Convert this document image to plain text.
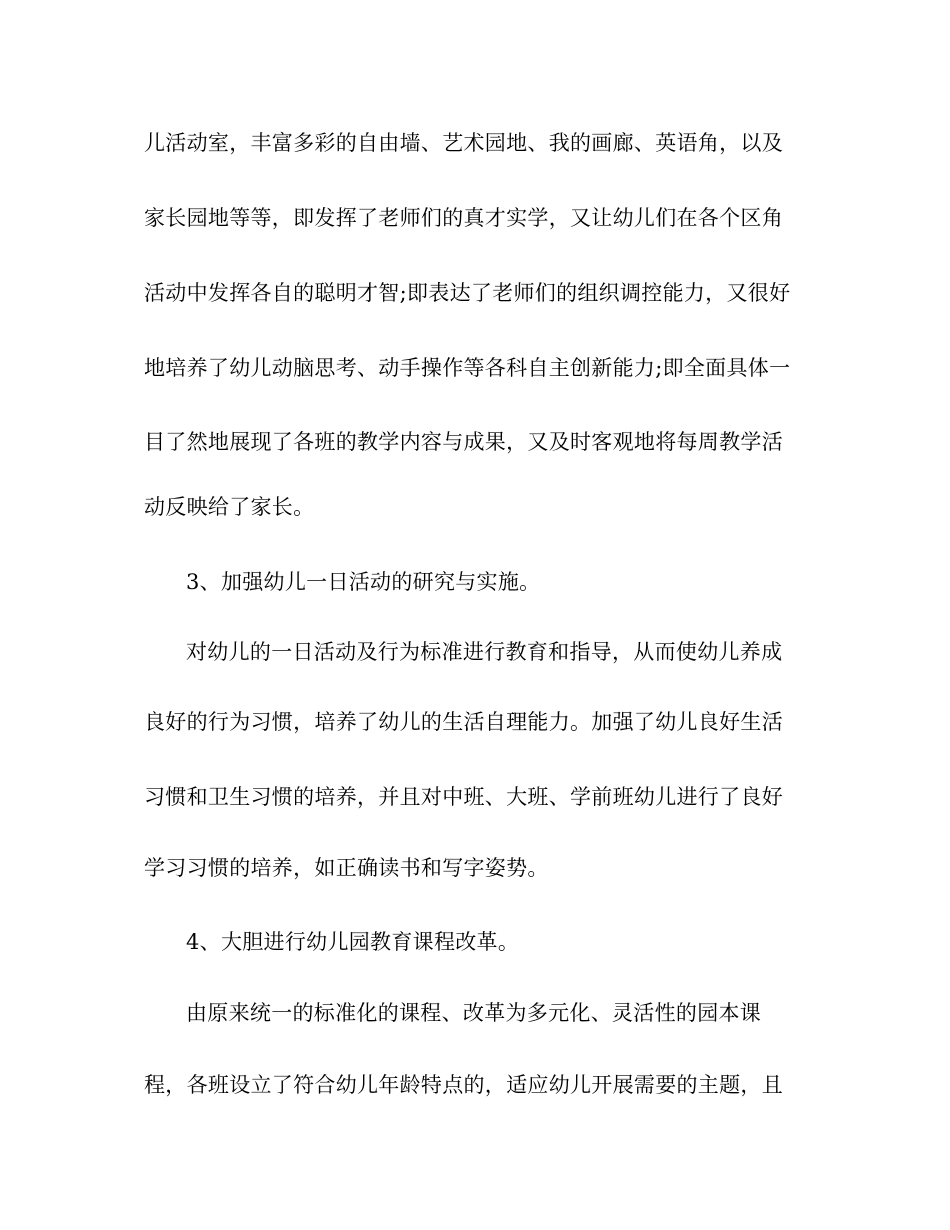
儿活动室，丰富多彩的自由墙、艺术园地、我的画廊、英语角，以及
家长园地等等，即发挥了老师们的真才实学，又让幼儿们在各个区角
活动中发挥各自的聪明才智;即表达了老师们的组织调控能力，又很好
地培养了幼儿动脑思考、动手操作等各科自主创新能力;即全面具体一
目了然地展现了各班的教学内容与成果，又及时客观地将每周教学活
动反映给了家长。
3、加强幼儿一日活动的研究与实施。
对幼儿的一日活动及行为标准进行教育和指导，从而使幼儿养成
良好的行为习惯，培养了幼儿的生活自理能力。加强了幼儿良好生活
习惯和卫生习惯的培养，并且对中班、大班、学前班幼儿进行了良好
学习习惯的培养，如正确读书和写字姿势。
4、大胆进行幼儿园教育课程改革。
由原来统一的标准化的课程、改革为多元化、灵活性的园本课
程，各班设立了符合幼儿年龄特点的，适应幼儿开展需要的主题，且
